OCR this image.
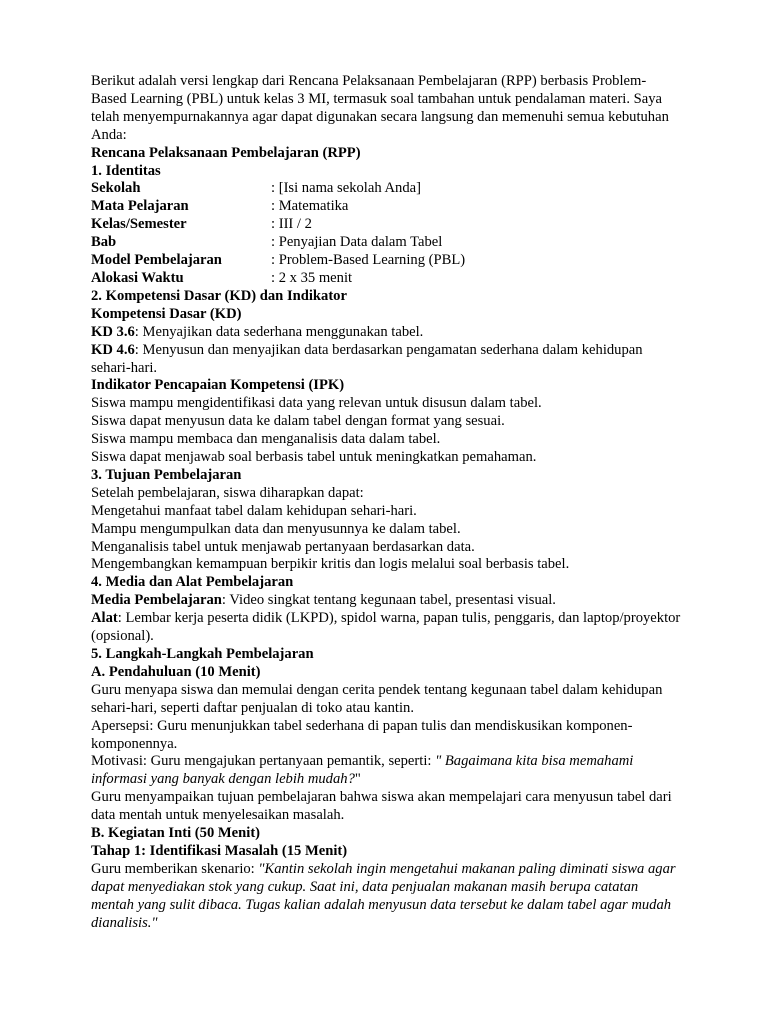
Berikut adalah versi lengkap dari Rencana Pelaksanaan Pembelajaran (RPP) berbasis Problem-Based Learning (PBL) untuk kelas 3 MI, termasuk soal tambahan untuk pendalaman materi. Saya telah menyempurnakannya agar dapat digunakan secara langsung dan memenuhi semua kebutuhan Anda:

Rencana Pelaksanaan Pembelajaran (RPP)

1. Identitas

Sekolah	: [Isi nama sekolah Anda]
Mata Pelajaran	: Matematika
Kelas/Semester	: III / 2
Bab	: Penyajian Data dalam Tabel
Model Pembelajaran	: Problem-Based Learning (PBL)
Alokasi Waktu	: 2 x 35 menit

2. Kompetensi Dasar (KD) dan Indikator

Kompetensi Dasar (KD)

KD 3.6: Menyajikan data sederhana menggunakan tabel.

KD 4.6: Menyusun dan menyajikan data berdasarkan pengamatan sederhana dalam kehidupan sehari-hari.

Indikator Pencapaian Kompetensi (IPK)

Siswa mampu mengidentifikasi data yang relevan untuk disusun dalam tabel.

Siswa dapat menyusun data ke dalam tabel dengan format yang sesuai.

Siswa mampu membaca dan menganalisis data dalam tabel.

Siswa dapat menjawab soal berbasis tabel untuk meningkatkan pemahaman.

3. Tujuan Pembelajaran

Setelah pembelajaran, siswa diharapkan dapat:

Mengetahui manfaat tabel dalam kehidupan sehari-hari.

Mampu mengumpulkan data dan menyusunnya ke dalam tabel.

Menganalisis tabel untuk menjawab pertanyaan berdasarkan data.

Mengembangkan kemampuan berpikir kritis dan logis melalui soal berbasis tabel.

4. Media dan Alat Pembelajaran

Media Pembelajaran: Video singkat tentang kegunaan tabel, presentasi visual.

Alat: Lembar kerja peserta didik (LKPD), spidol warna, papan tulis, penggaris, dan laptop/proyektor (opsional).

5. Langkah-Langkah Pembelajaran

A. Pendahuluan (10 Menit)

Guru menyapa siswa dan memulai dengan cerita pendek tentang kegunaan tabel dalam kehidupan sehari-hari, seperti daftar penjualan di toko atau kantin.

Apersepsi: Guru menunjukkan tabel sederhana di papan tulis dan mendiskusikan komponen-komponennya.

Motivasi: Guru mengajukan pertanyaan pemantik, seperti: " Bagaimana kita bisa memahami informasi yang banyak dengan lebih mudah?"

Guru menyampaikan tujuan pembelajaran bahwa siswa akan mempelajari cara menyusun tabel dari data mentah untuk menyelesaikan masalah.

B. Kegiatan Inti (50 Menit)

Tahap 1: Identifikasi Masalah (15 Menit)

Guru memberikan skenario: "Kantin sekolah ingin mengetahui makanan paling diminati siswa agar dapat menyediakan stok yang cukup. Saat ini, data penjualan makanan masih berupa catatan mentah yang sulit dibaca. Tugas kalian adalah menyusun data tersebut ke dalam tabel agar mudah dianalisis."
